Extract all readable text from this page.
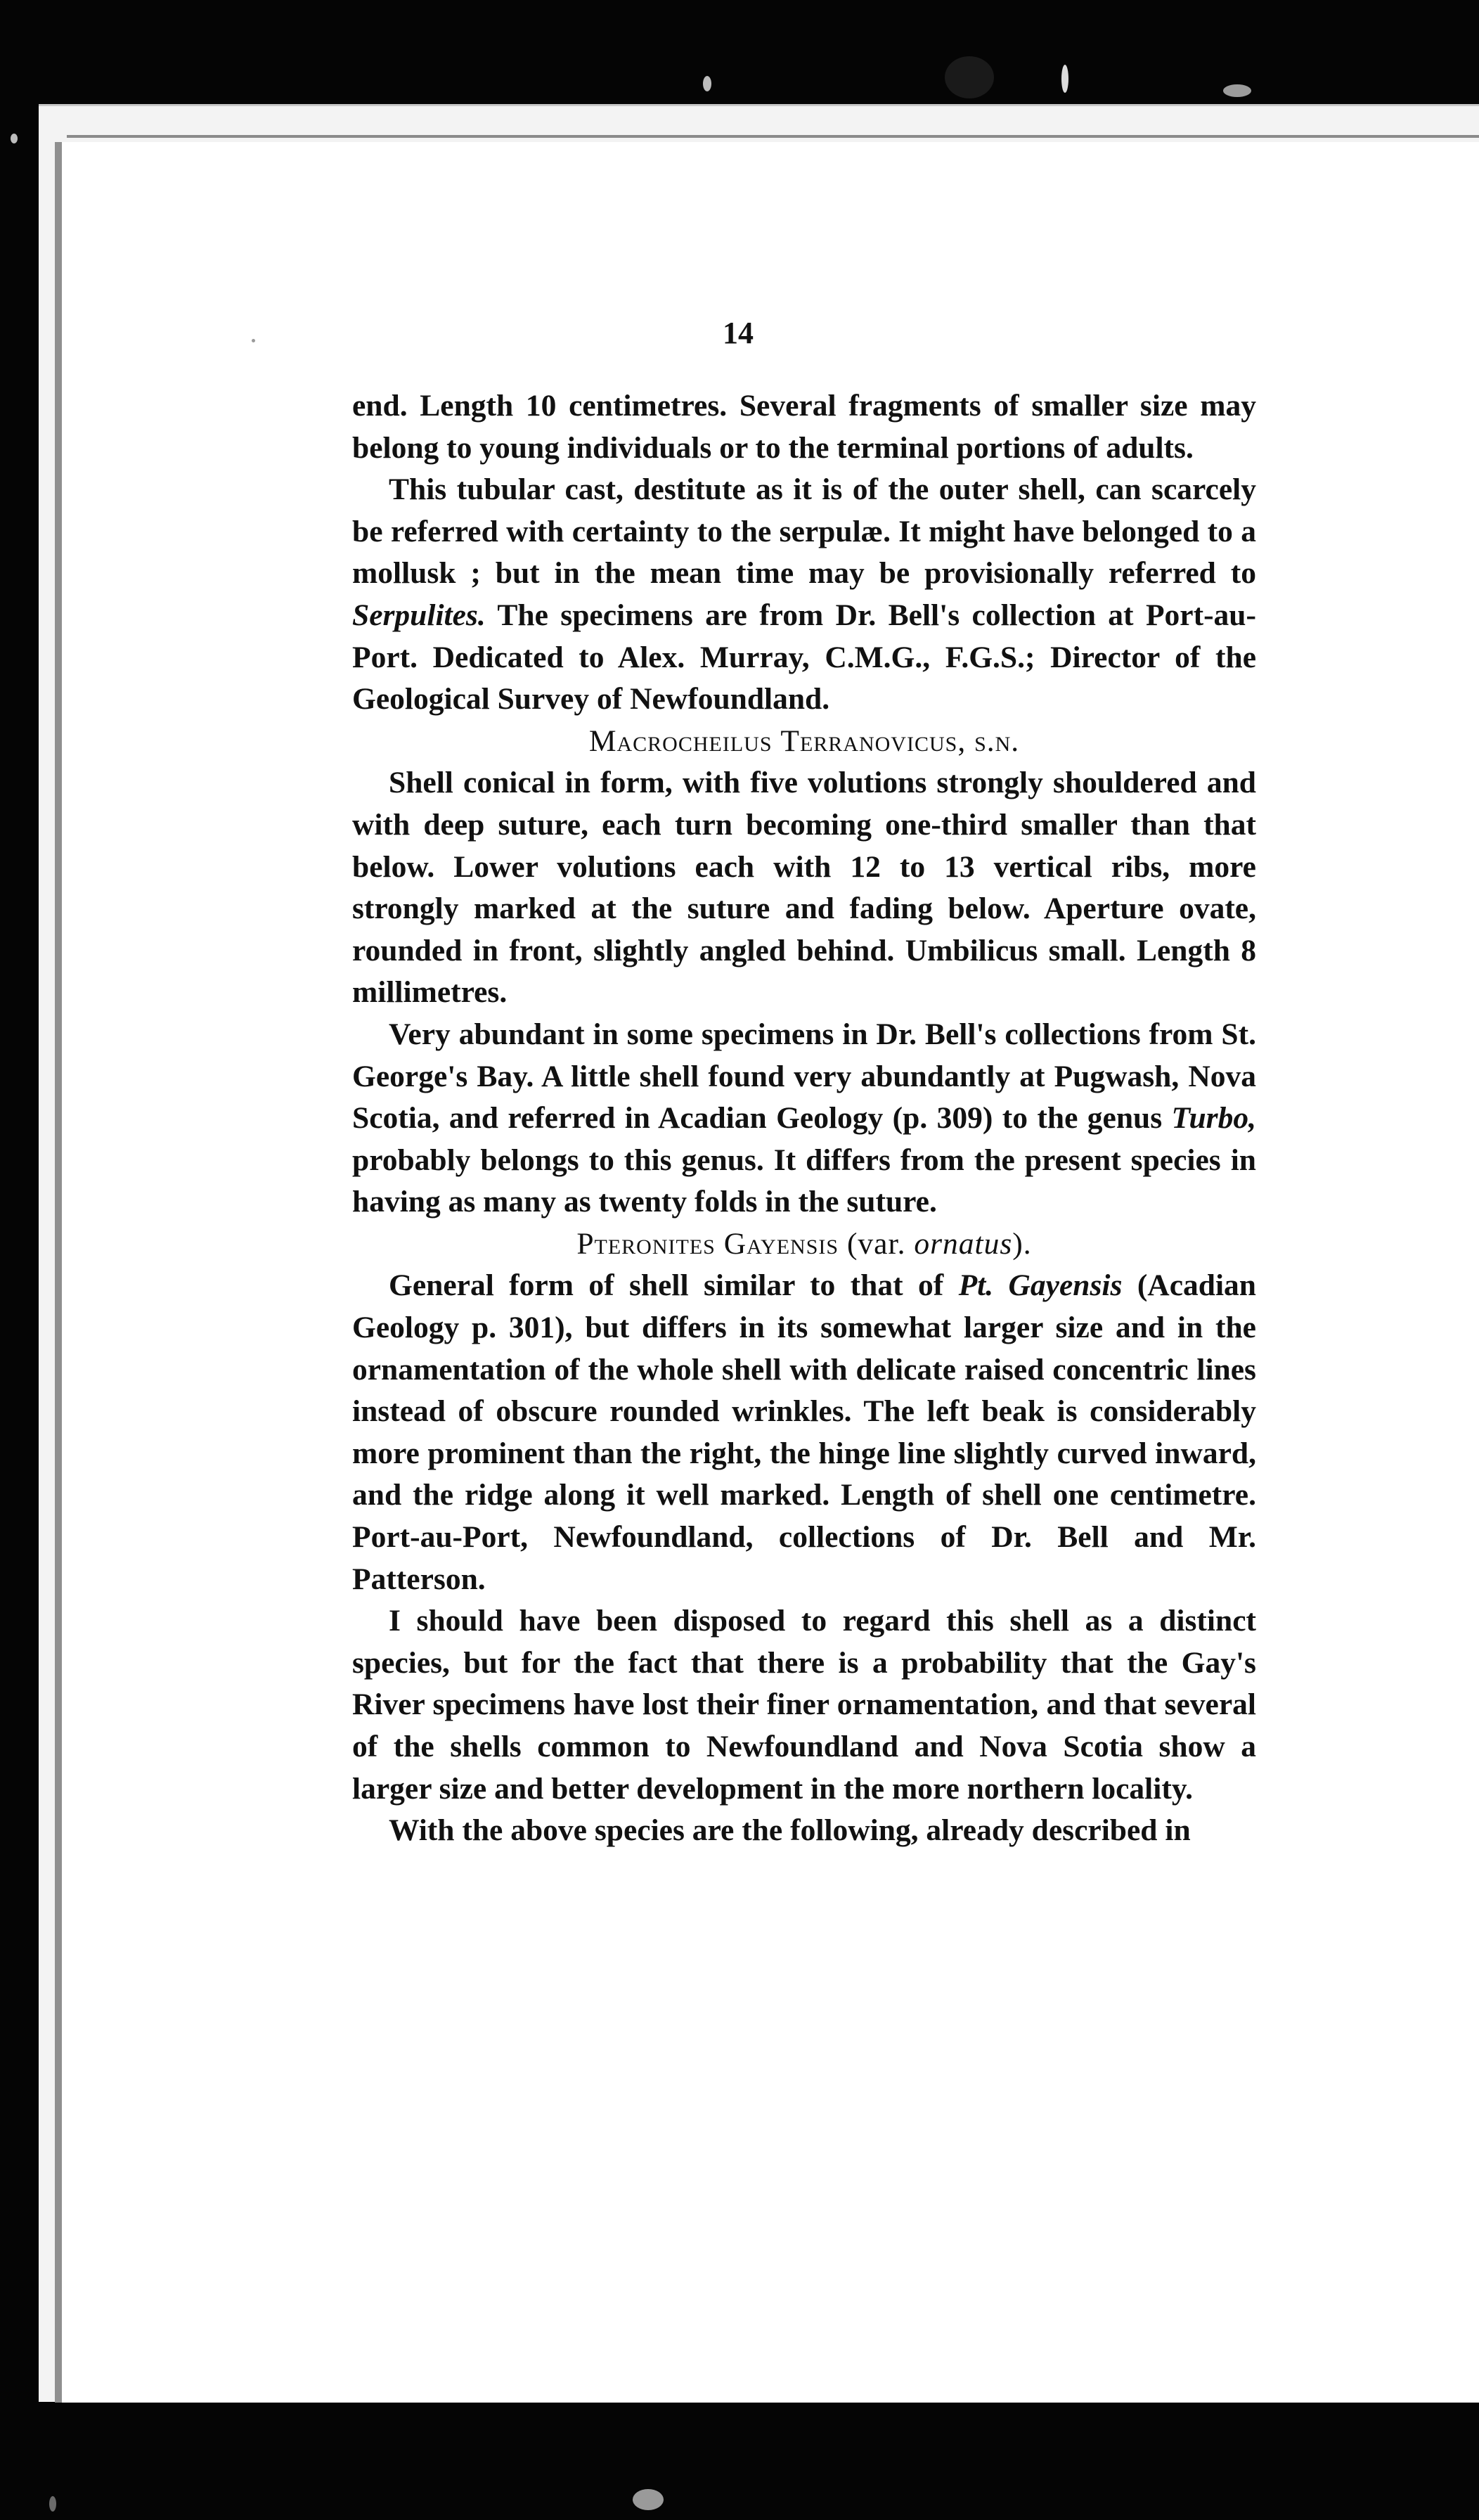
14

end. Length 10 centimetres. Several fragments of smaller size may belong to young individuals or to the terminal portions of adults.

This tubular cast, destitute as it is of the outer shell, can scarcely be referred with certainty to the serpulæ. It might have belonged to a mollusk ; but in the mean time may be provisionally referred to Serpulites. The specimens are from Dr. Bell's collection at Port-au-Port. Dedicated to Alex. Murray, C.M.G., F.G.S.; Director of the Geological Survey of Newfoundland.

Macrocheilus Terranovicus, s.n.

Shell conical in form, with five volutions strongly shouldered and with deep suture, each turn becoming one-third smaller than that below. Lower volutions each with 12 to 13 vertical ribs, more strongly marked at the suture and fading below. Aperture ovate, rounded in front, slightly angled behind. Umbilicus small. Length 8 millimetres.

Very abundant in some specimens in Dr. Bell's collections from St. George's Bay. A little shell found very abundantly at Pugwash, Nova Scotia, and referred in Acadian Geology (p. 309) to the genus Turbo, probably belongs to this genus. It differs from the present species in having as many as twenty folds in the suture.

Pteronites Gayensis (var. ornatus).

General form of shell similar to that of Pt. Gayensis (Acadian Geology p. 301), but differs in its somewhat larger size and in the ornamentation of the whole shell with delicate raised concentric lines instead of obscure rounded wrinkles. The left beak is considerably more prominent than the right, the hinge line slightly curved inward, and the ridge along it well marked. Length of shell one centimetre. Port-au-Port, Newfoundland, collections of Dr. Bell and Mr. Patterson.

I should have been disposed to regard this shell as a distinct species, but for the fact that there is a probability that the Gay's River specimens have lost their finer ornamentation, and that several of the shells common to Newfoundland and Nova Scotia show a larger size and better development in the more northern locality.

With the above species are the following, already described in
